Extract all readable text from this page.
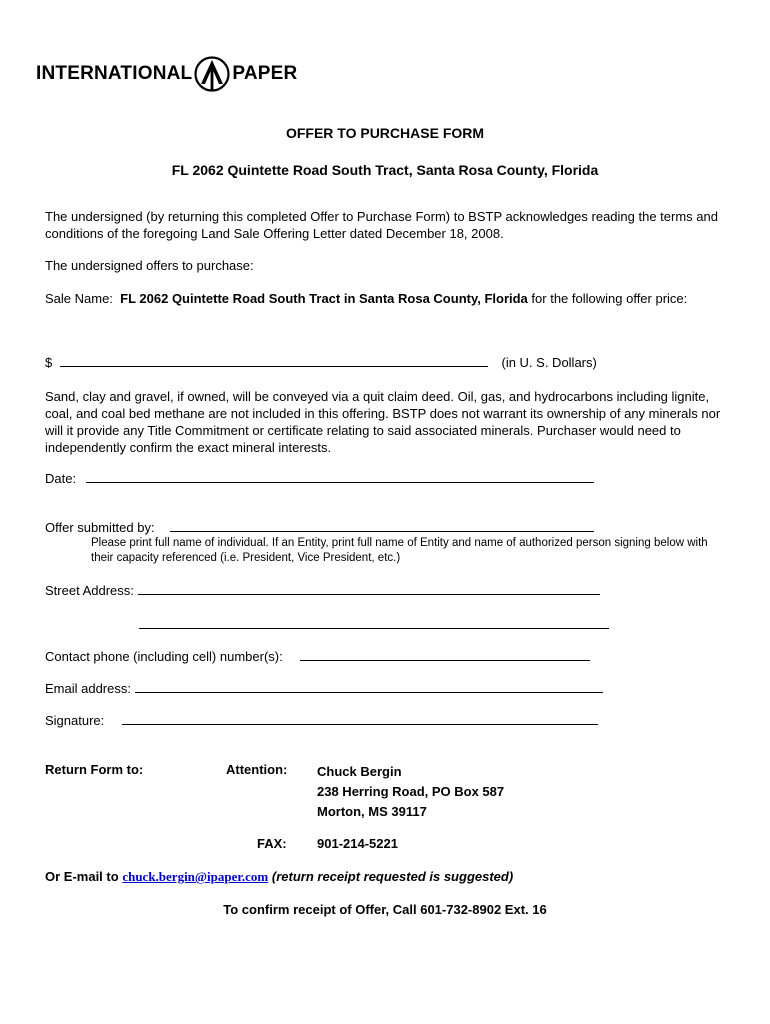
INTERNATIONAL PAPER
OFFER TO PURCHASE FORM
FL 2062 Quintette Road South Tract, Santa Rosa County, Florida
The undersigned (by returning this completed Offer to Purchase Form) to BSTP acknowledges reading the terms and conditions of the foregoing Land Sale Offering Letter dated December 18, 2008.
The undersigned offers to purchase:
Sale Name: FL 2062 Quintette Road South Tract in Santa Rosa County, Florida for the following offer price:
$	(in U. S. Dollars)
Sand, clay and gravel, if owned, will be conveyed via a quit claim deed. Oil, gas, and hydrocarbons including lignite, coal, and coal bed methane are not included in this offering. BSTP does not warrant its ownership of any minerals nor will it provide any Title Commitment or certificate relating to said associated minerals. Purchaser would need to independently confirm the exact mineral interests.
Date:
Offer submitted by:
Please print full name of individual. If an Entity, print full name of Entity and name of authorized person signing below with their capacity referenced (i.e. President, Vice President, etc.)
Street Address:
Contact phone (including cell) number(s):
Email address:
Signature:
Return Form to:	Attention: Chuck Bergin
238 Herring Road, PO Box 587
Morton, MS 39117
FAX: 901-214-5221
Or E-mail to chuck.bergin@ipaper.com (return receipt requested is suggested)
To confirm receipt of Offer, Call 601-732-8902 Ext. 16
